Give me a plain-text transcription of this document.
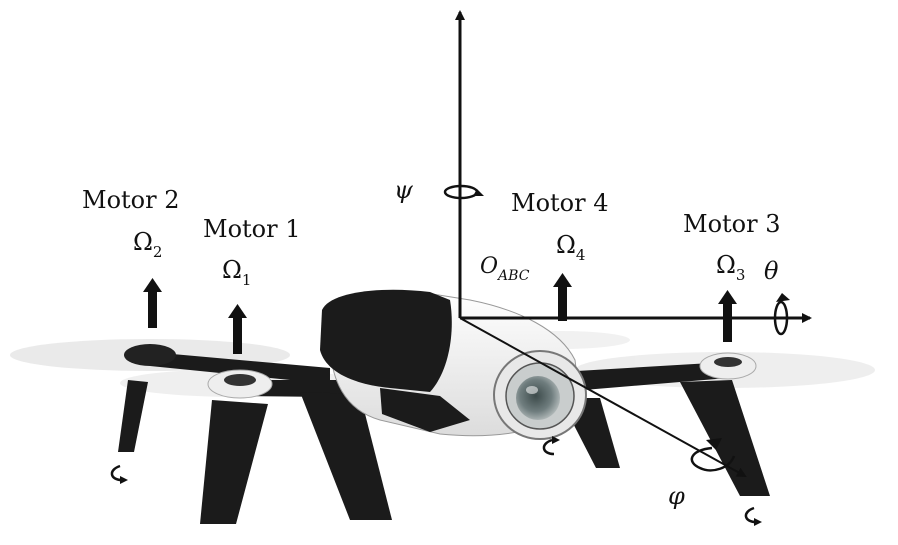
Motor 2
$\Omega_2$
Motor 1
$\Omega_1$
Motor 4
$\Omega_4$
Motor 3
$\Omega_3$
ψ
θ
φ
$O_{ABC}$
